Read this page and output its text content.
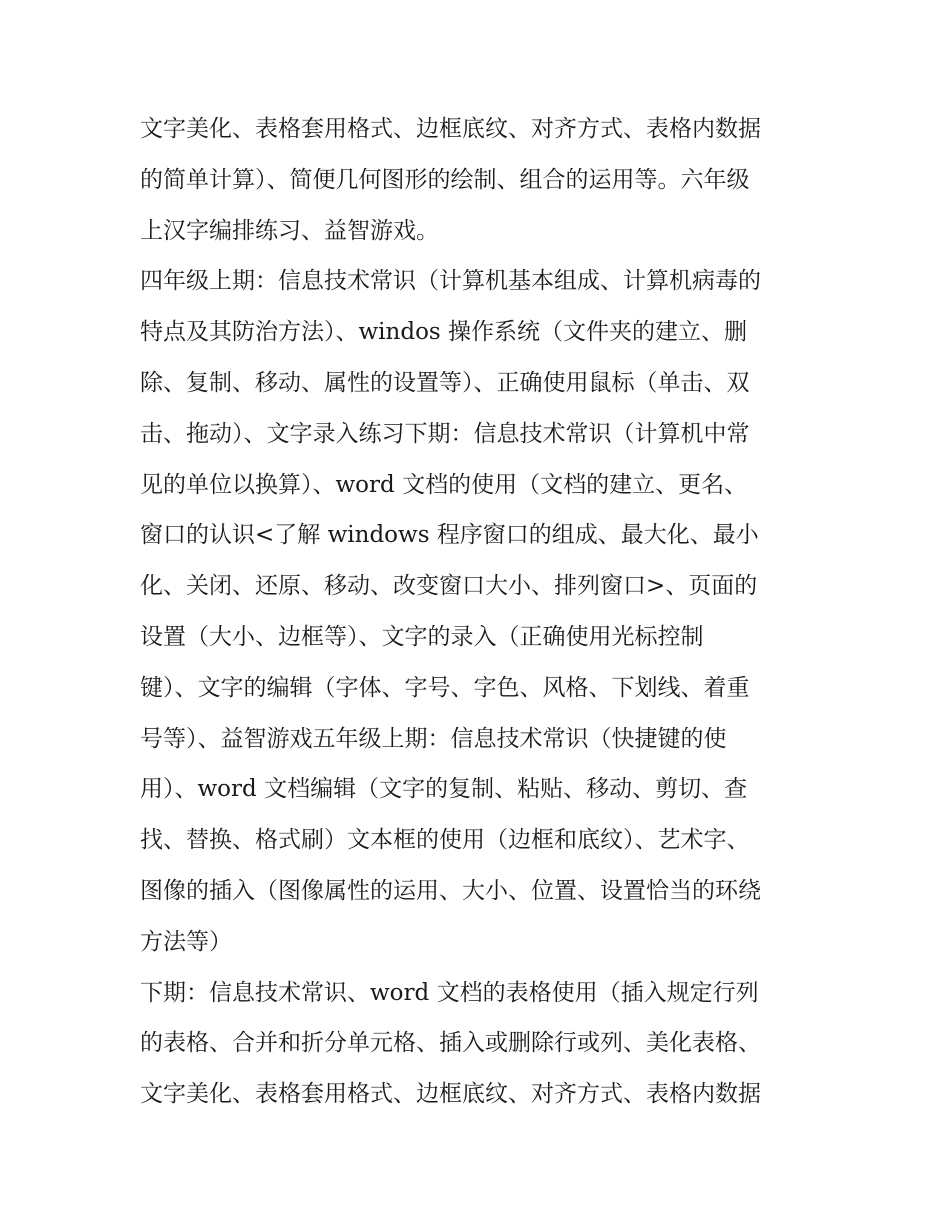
文字美化、表格套用格式、边框底纹、对齐方式、表格内数据
的简单计算）、简便几何图形的绘制、组合的运用等。六年级
上汉字编排练习、益智游戏。
四年级上期：信息技术常识（计算机基本组成、计算机病毒的
特点及其防治方法）、windos 操作系统（文件夹的建立、删
除、复制、移动、属性的设置等）、正确使用鼠标（单击、双
击、拖动）、文字录入练习下期：信息技术常识（计算机中常
见的单位以换算）、word 文档的使用（文档的建立、更名、
窗口的认识<了解 windows 程序窗口的组成、最大化、最小
化、关闭、还原、移动、改变窗口大小、排列窗口>、页面的
设置（大小、边框等）、文字的录入（正确使用光标控制
键）、文字的编辑（字体、字号、字色、风格、下划线、着重
号等）、益智游戏五年级上期：信息技术常识（快捷键的使
用）、word 文档编辑（文字的复制、粘贴、移动、剪切、查
找、替换、格式刷）文本框的使用（边框和底纹）、艺术字、
图像的插入（图像属性的运用、大小、位置、设置恰当的环绕
方法等）
下期：信息技术常识、word 文档的表格使用（插入规定行列
的表格、合并和折分单元格、插入或删除行或列、美化表格、
文字美化、表格套用格式、边框底纹、对齐方式、表格内数据
